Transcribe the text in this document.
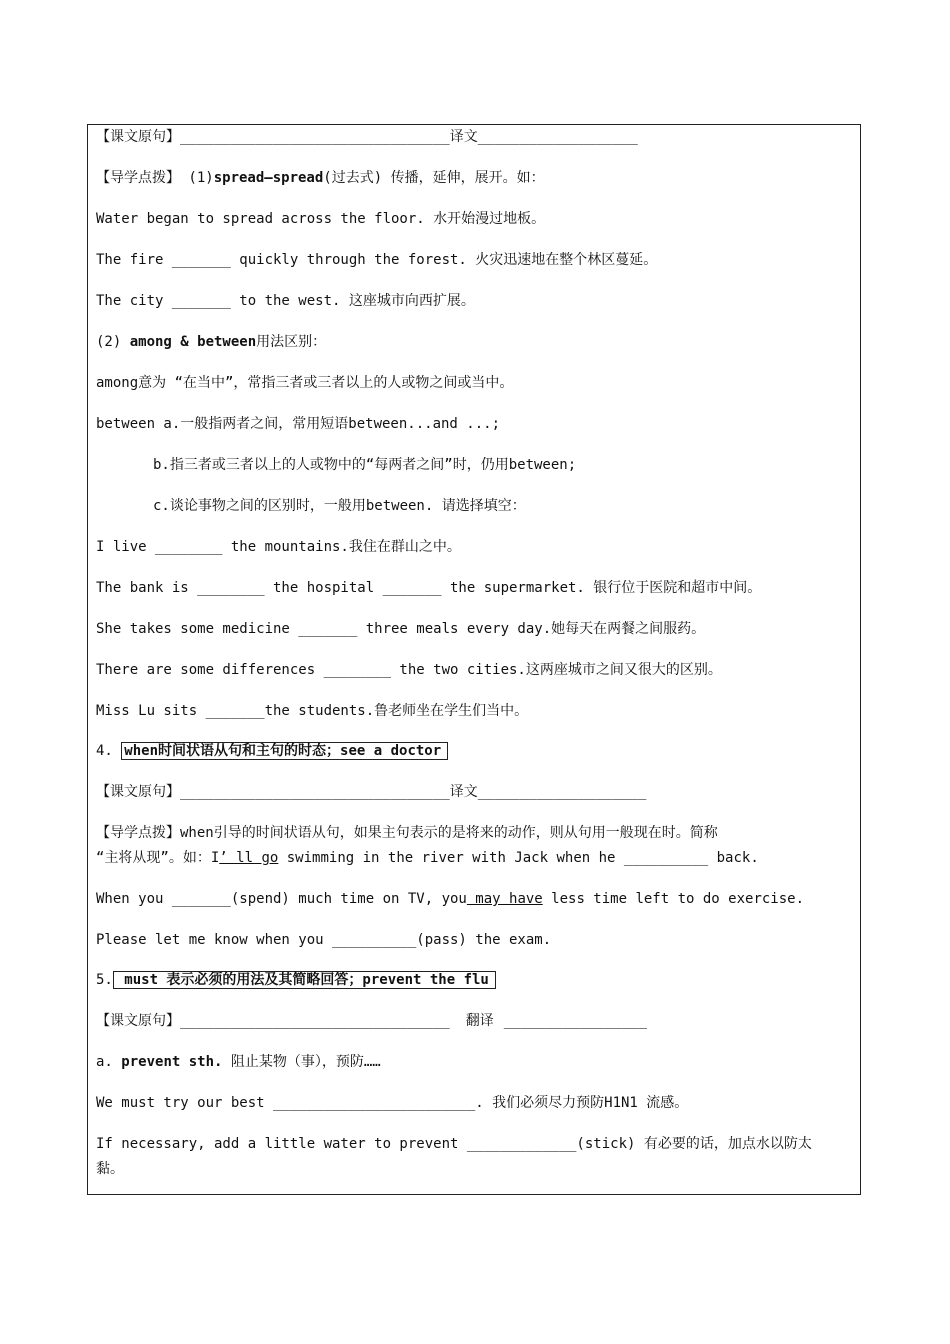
【课文原句】________________________________译文___________________
【导学点拨】 (1)spread—spread(过去式) 传播，延伸，展开。如：
Water began to spread across the floor. 水开始漫过地板。
The fire _______ quickly through the forest. 火灾迅速地在整个林区蔓延。
The city _______ to the west. 这座城市向西扩展。
(2) among & between用法区别：
among意为 “在当中”，常指三者或三者以上的人或物之间或当中。
between a.一般指两者之间，常用短语between...and ...;
b.指三者或三者以上的人或物中的“每两者之间”时，仍用between;
c.谈论事物之间的区别时，一般用between. 请选择填空：
I live ________ the mountains.我住在群山之中。
The bank is ________ the hospital _______ the supermarket. 银行位于医院和超市中间。
She takes some medicine _______ three meals every day.她每天在两餐之间服药。
There are some differences ________ the two cities.这两座城市之间又很大的区别。
Miss Lu sits _______the students.鲁老师坐在学生们当中。
4. when时间状语从句和主句的时态；see a doctor
【课文原句】________________________________译文____________________
【导学点拨】when引导的时间状语从句，如果主句表示的是将来的动作，则从句用一般现在时。简称
“主将从现”。如：I’ ll go swimming in the river with Jack when he __________ back.
When you _______(spend) much time on TV, you may have less time left to do exercise.
Please let me know when you __________(pass) the exam.
5. must 表示必须的用法及其简略回答；prevent the flu
【课文原句】________________________________ 翻译 _________________
a. prevent sth. 阻止某物（事），预防……
We must try our best ________________________. 我们必须尽力预防H1N1 流感。
If necessary, add a little water to prevent _____________(stick) 有必要的话，加点水以防太
黏。
